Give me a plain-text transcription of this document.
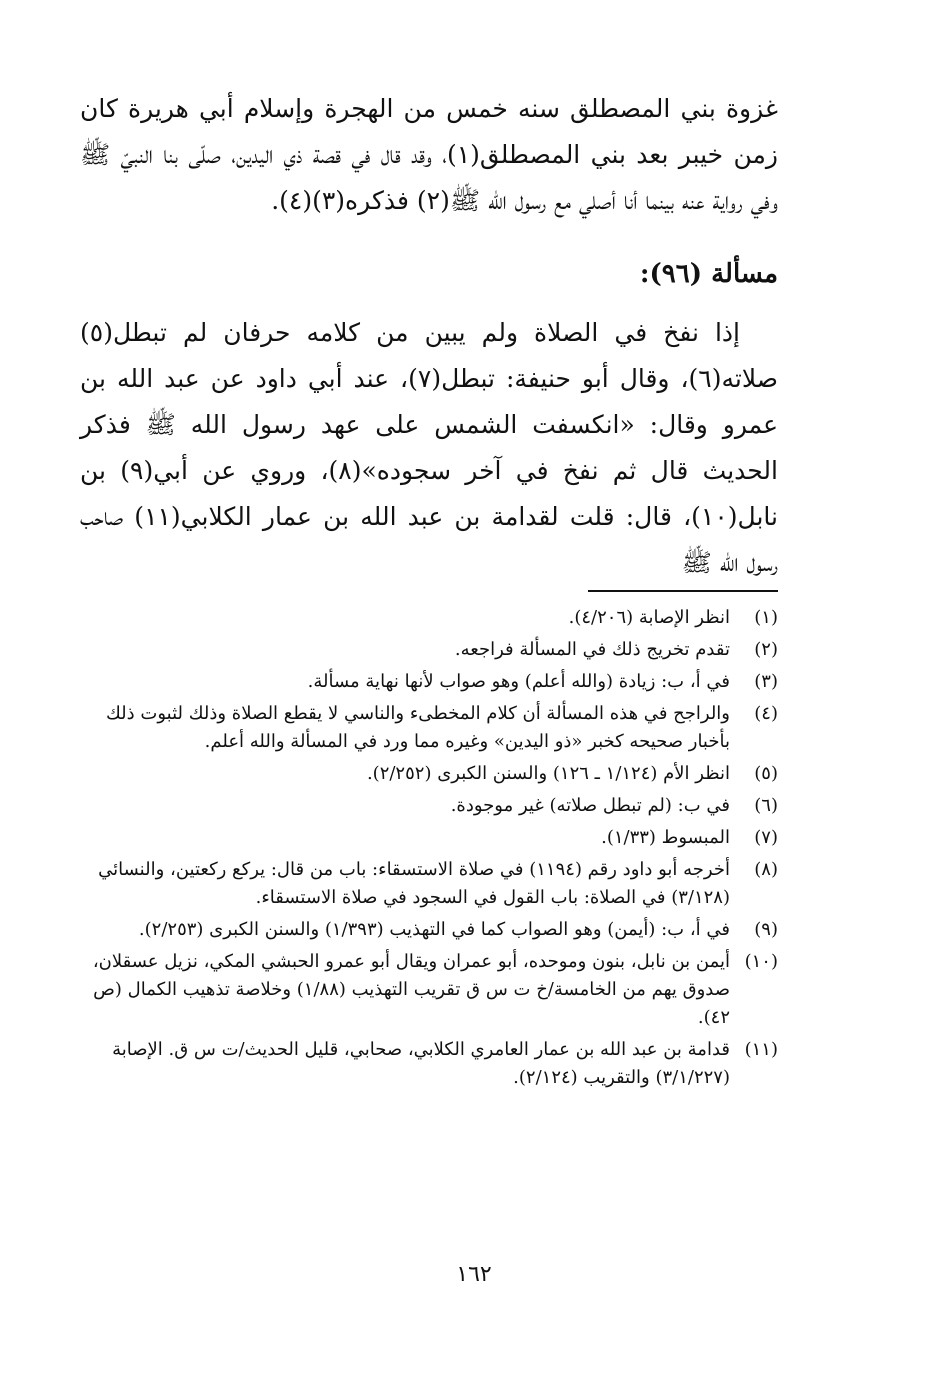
غزوة بني المصطلق سنه خمس من الهجرة وإسلام أبي هريرة كان زمن خيبر بعد بني المصطلق(١)، وقد قال في قصة ذي اليدين، صلّى بنا النبيّ ﷺ وفي رواية عنه بينما أنا أصلي مع رسول الله ﷺ(٢) فذكره(٣)(٤).

مسألة (٩٦):

إذا نفخ في الصلاة ولم يبين من كلامه حرفان لم تبطل(٥) صلاته(٦)، وقال أبو حنيفة: تبطل(٧)، عند أبي داود عن عبد الله بن عمرو وقال: «انكسفت الشمس على عهد رسول الله ﷺ فذكر الحديث قال ثم نفخ في آخر سجوده»(٨)، وروي عن أبي(٩) بن نابل(١٠)، قال: قلت لقدامة بن عبد الله بن عمار الكلابي(١١) صاحب رسول الله ﷺ

(١)
انظر الإصابة (٤/٢٠٦).
(٢)
تقدم تخريج ذلك في المسألة فراجعه.
(٣)
في أ، ب: زيادة (والله أعلم) وهو صواب لأنها نهاية مسألة.
(٤)
والراجح في هذه المسألة أن كلام المخطىء والناسي لا يقطع الصلاة وذلك لثبوت ذلك بأخبار صحيحه كخبر «ذو اليدين» وغيره مما ورد في المسألة والله أعلم.
(٥)
انظر الأم (١/١٢٤ ـ ١٢٦) والسنن الكبرى (٢/٢٥٢).
(٦)
في ب: (لم تبطل صلاته) غير موجودة.
(٧)
المبسوط (١/٣٣).
(٨)
أخرجه أبو داود رقم (١١٩٤) في صلاة الاستسقاء: باب من قال: يركع ركعتين، والنسائي (٣/١٢٨) في الصلاة: باب القول في السجود في صلاة الاستسقاء.
(٩)
في أ، ب: (أيمن) وهو الصواب كما في التهذيب (١/٣٩٣) والسنن الكبرى (٢/٢٥٣).
(١٠)
أيمن بن نابل، بنون وموحده، أبو عمران ويقال أبو عمرو الحبشي المكي، نزيل عسقلان، صدوق يهم من الخامسة/خ ت س ق تقريب التهذيب (١/٨٨) وخلاصة تذهيب الكمال (ص ٤٢).
(١١)
قدامة بن عبد الله بن عمار العامري الكلابي، صحابي، قليل الحديث/ت س ق. الإصابة (٣/١/٢٢٧) والتقريب (٢/١٢٤).
١٦٢
